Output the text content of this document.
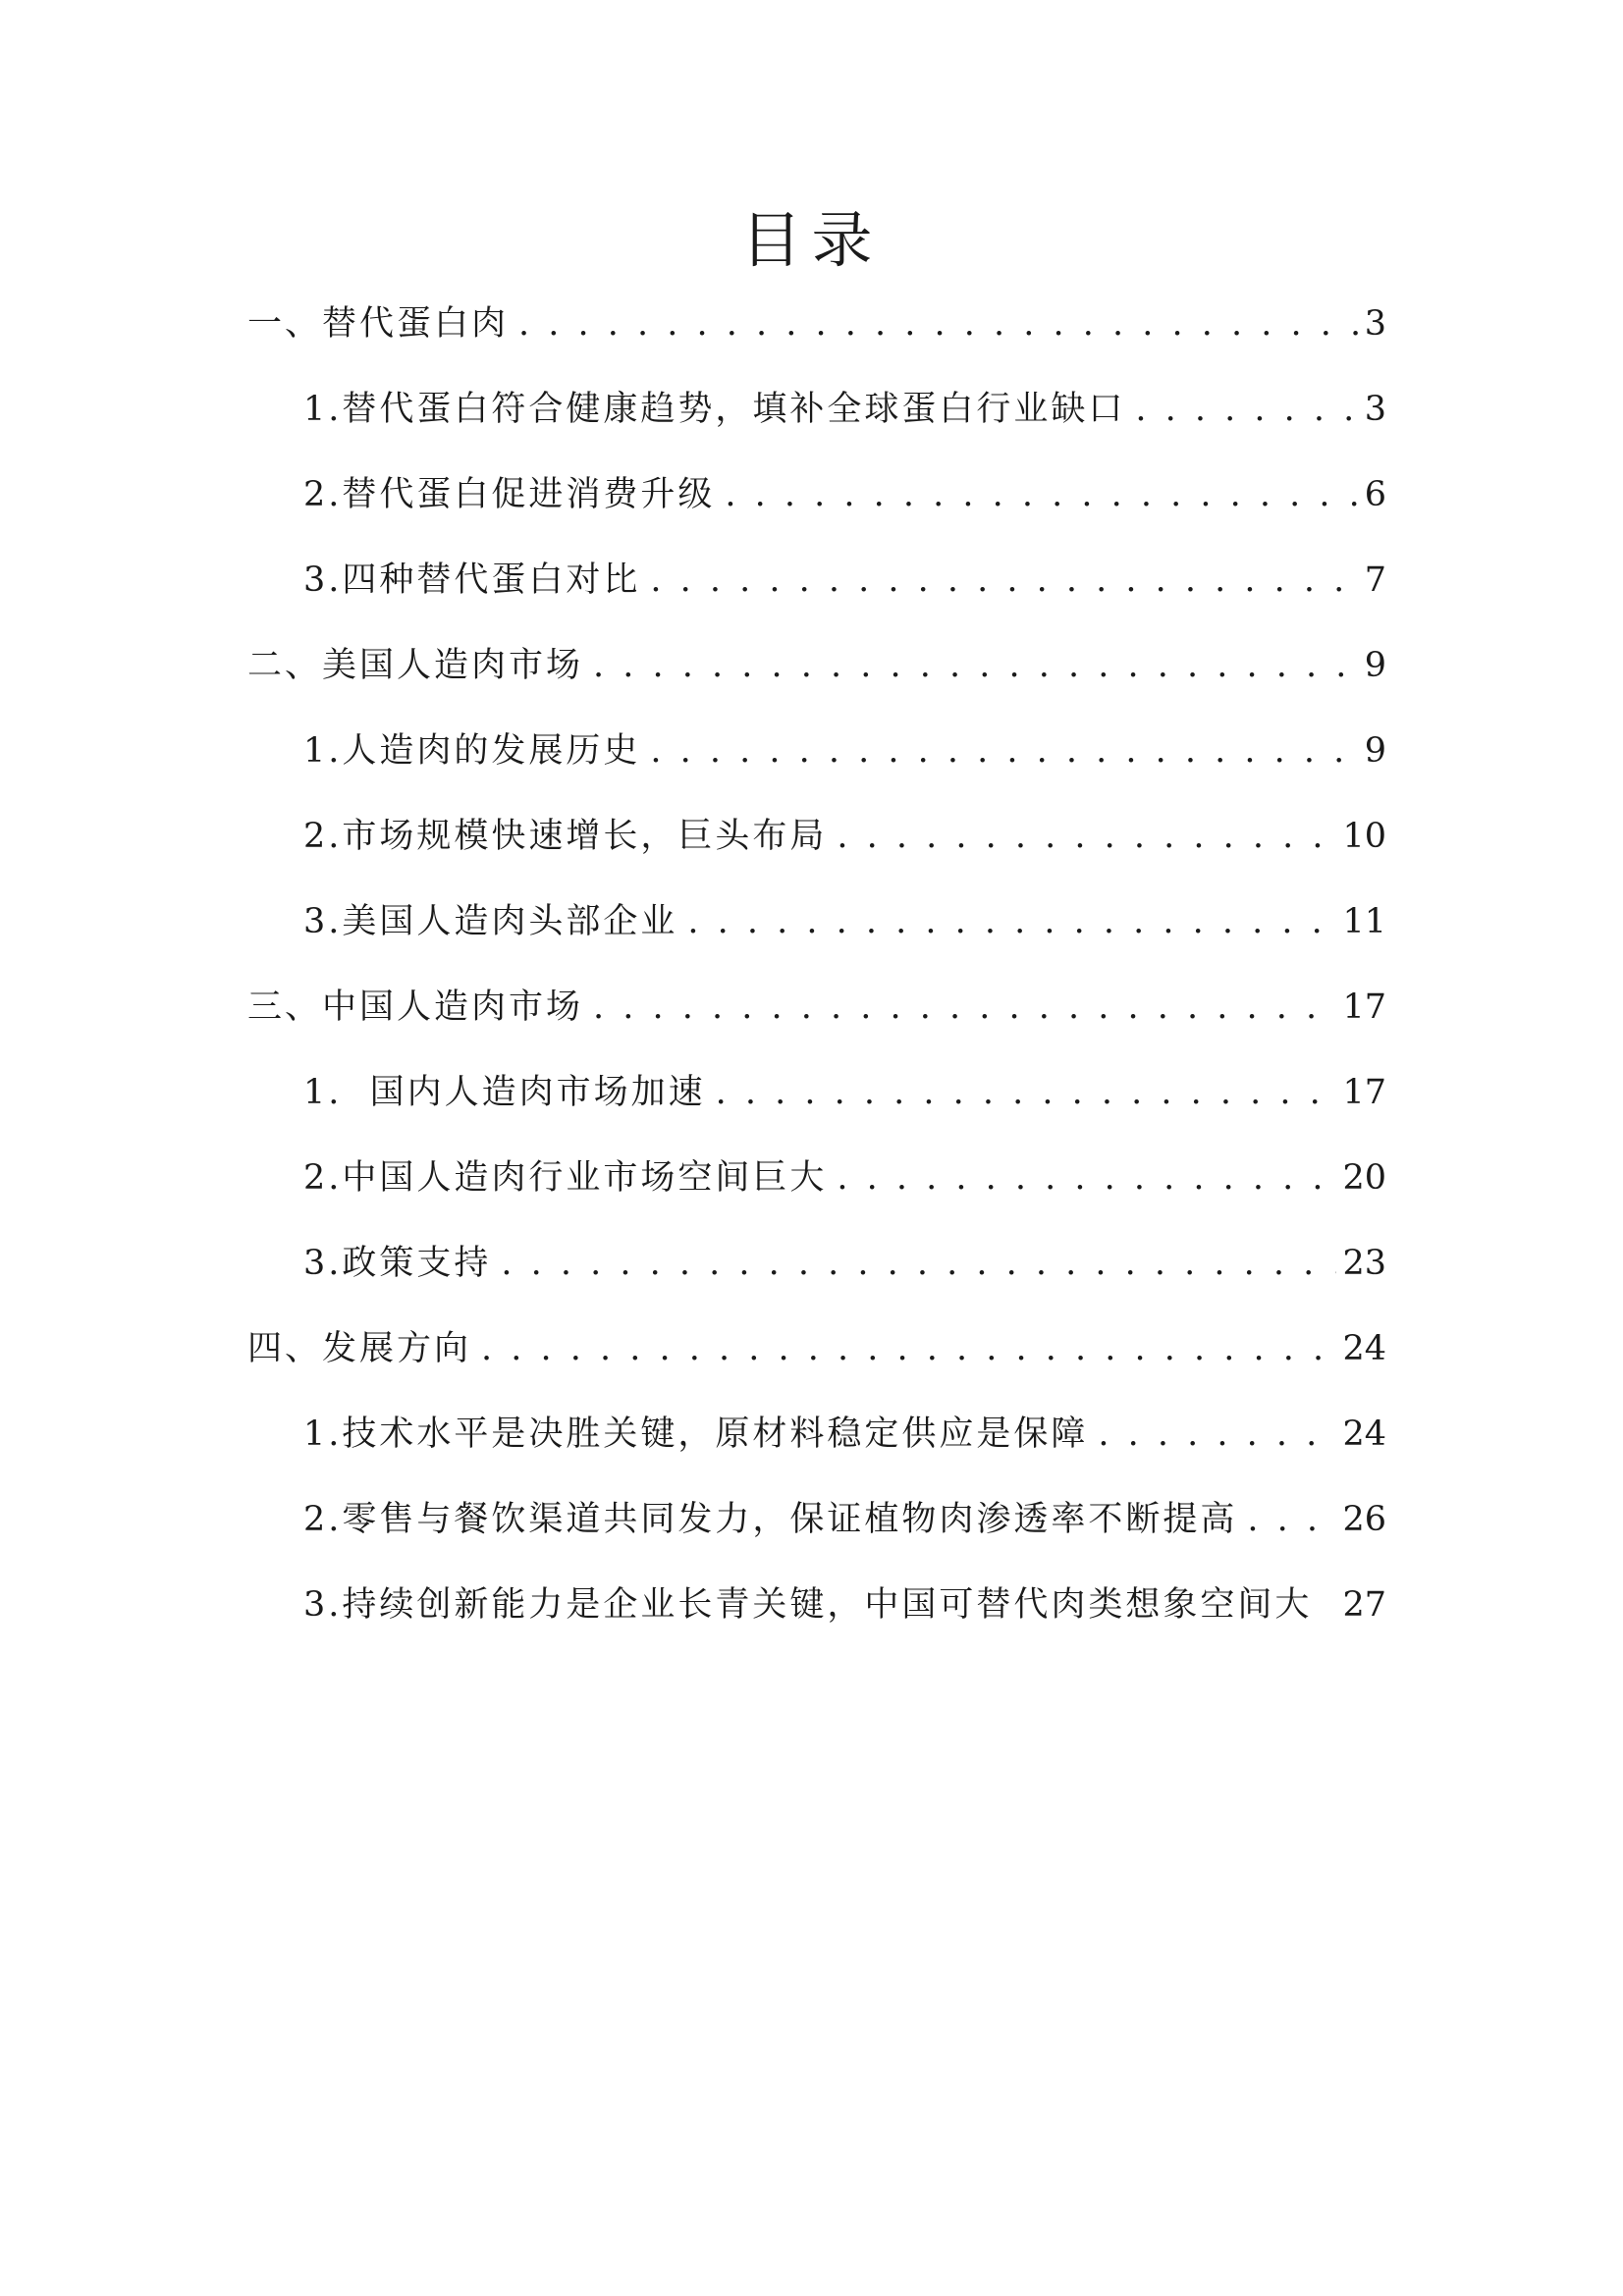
目录
一、替代蛋白肉 . . .	3
1.替代蛋白符合健康趋势，填补全球蛋白行业缺口 . . .	3
2.替代蛋白促进消费升级 . . .	6
3.四种替代蛋白对比 . . .	7
二、美国人造肉市场 . . .	9
1.人造肉的发展历史 . . .	9
2.市场规模快速增长，巨头布局 . . .	10
3.美国人造肉头部企业 . . .	11
三、中国人造肉市场 . . .	17
1.  国内人造肉市场加速 . . .	17
2.中国人造肉行业市场空间巨大 . . .	20
3.政策支持 . . .	23
四、发展方向 . . .	24
1.技术水平是决胜关键，原材料稳定供应是保障 . . .	24
2.零售与餐饮渠道共同发力，保证植物肉渗透率不断提高 . . .	26
3.持续创新能力是企业长青关键，中国可替代肉类想象空间大 27
